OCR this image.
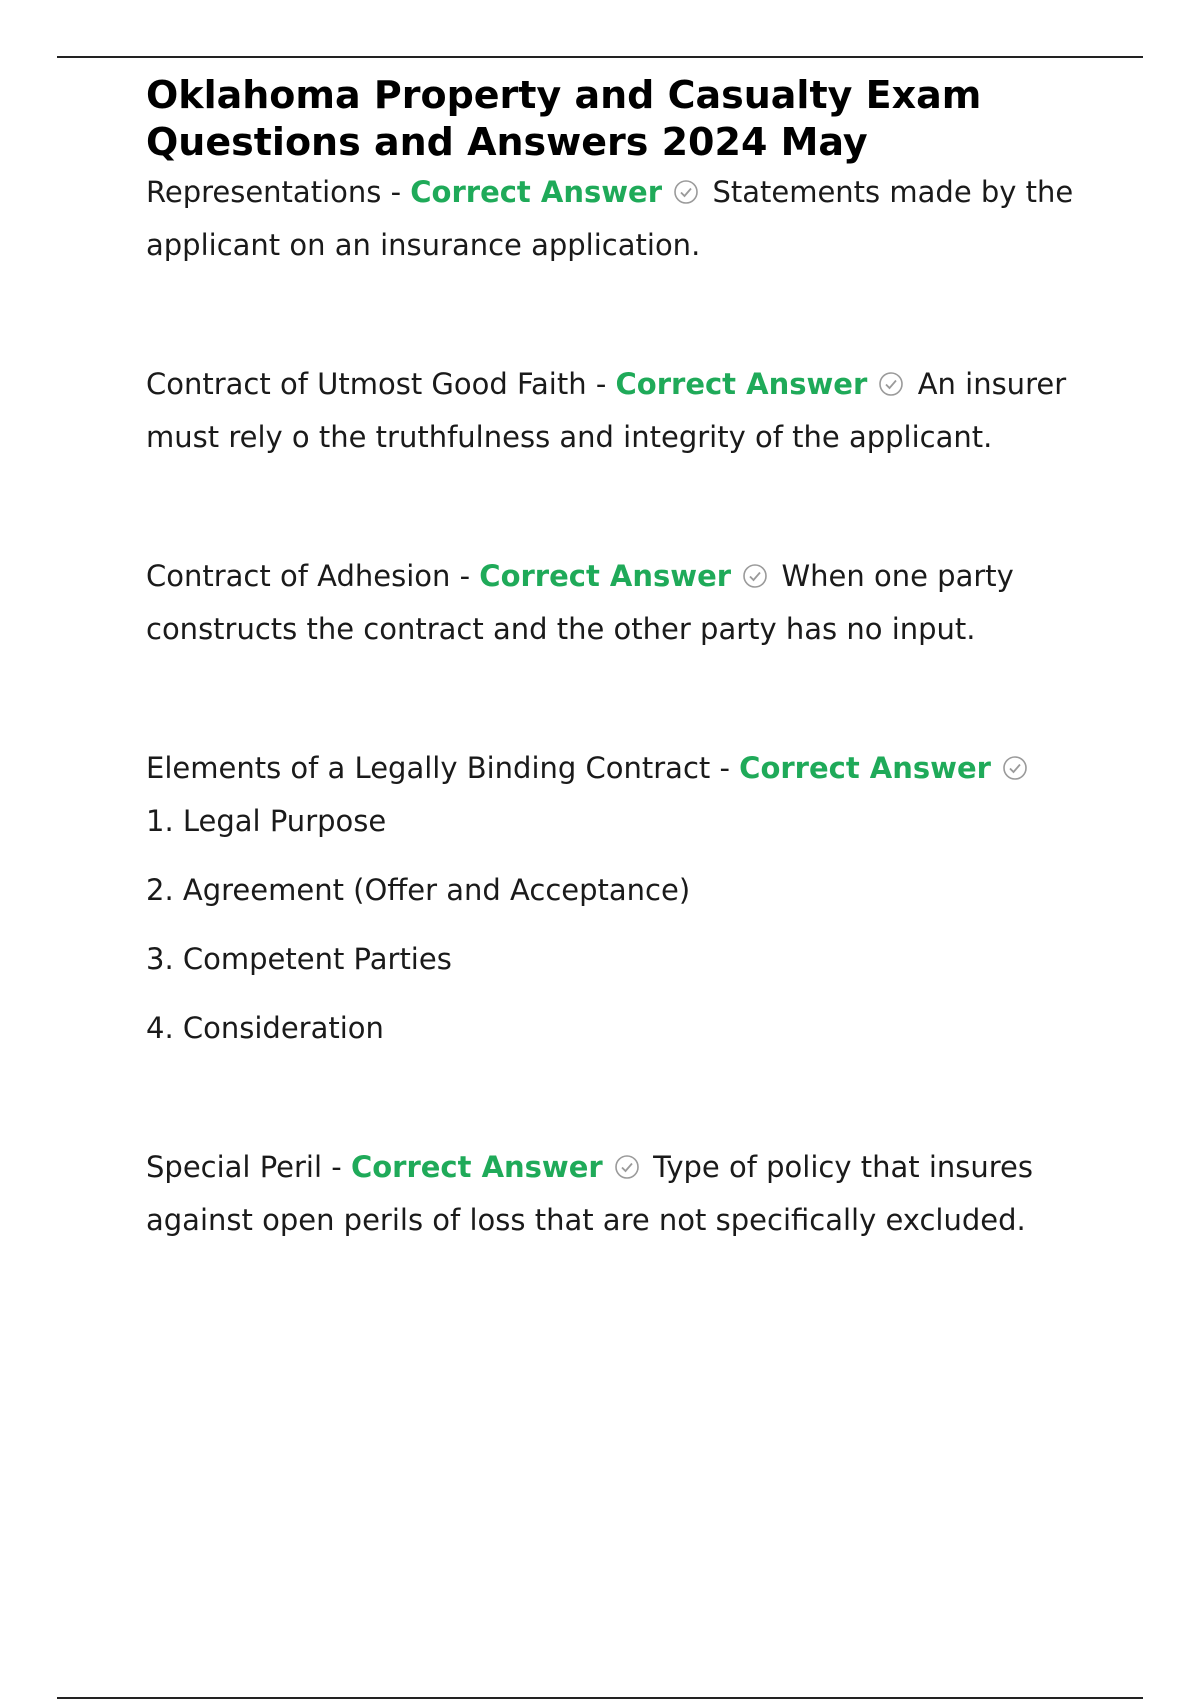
Oklahoma Property and Casualty Exam Questions and Answers 2024 May

Representations - Correct Answer Statements made by the applicant on an insurance application.

Contract of Utmost Good Faith - Correct Answer An insurer must rely o the truthfulness and integrity of the applicant.

Contract of Adhesion - Correct Answer When one party constructs the contract and the other party has no input.

Elements of a Legally Binding Contract - Correct Answer
1. Legal Purpose
2. Agreement (Offer and Acceptance)
3. Competent Parties
4. Consideration

Special Peril - Correct Answer Type of policy that insures against open perils of loss that are not specifically excluded.
